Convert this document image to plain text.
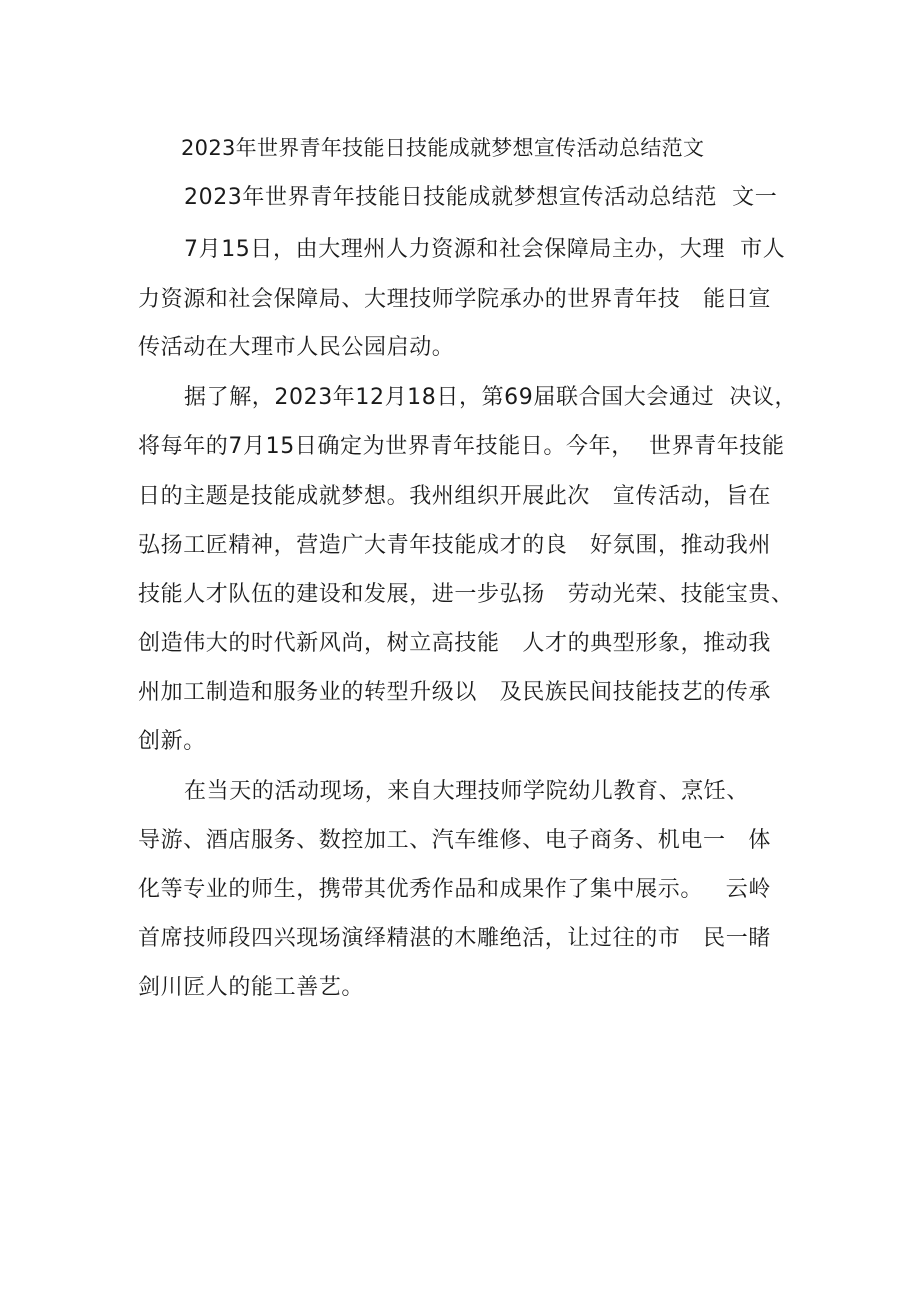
2023年世界青年技能日技能成就梦想宣传活动总结范文
2023年世界青年技能日技能成就梦想宣传活动总结范  文一
7月15日，由大理州人力资源和社会保障局主办，大理  市人
力资源和社会保障局、大理技师学院承办的世界青年技   能日宣
传活动在大理市人民公园启动。
据了解，2023年12月18日，第69届联合国大会通过  决议，
将每年的7月15日确定为世界青年技能日。今年，  世界青年技能
日的主题是技能成就梦想。我州组织开展此次   宣传活动，旨在
弘扬工匠精神，营造广大青年技能成才的良   好氛围，推动我州
技能人才队伍的建设和发展，进一步弘扬   劳动光荣、技能宝贵、
创造伟大的时代新风尚，树立高技能   人才的典型形象，推动我
州加工制造和服务业的转型升级以   及民族民间技能技艺的传承
创新。
在当天的活动现场，来自大理技师学院幼儿教育、烹饪、
导游、酒店服务、数控加工、汽车维修、电子商务、机电一   体
化等专业的师生，携带其优秀作品和成果作了集中展示。   云岭
首席技师段四兴现场演绎精湛的木雕绝活，让过往的市   民一睹
剑川匠人的能工善艺。
